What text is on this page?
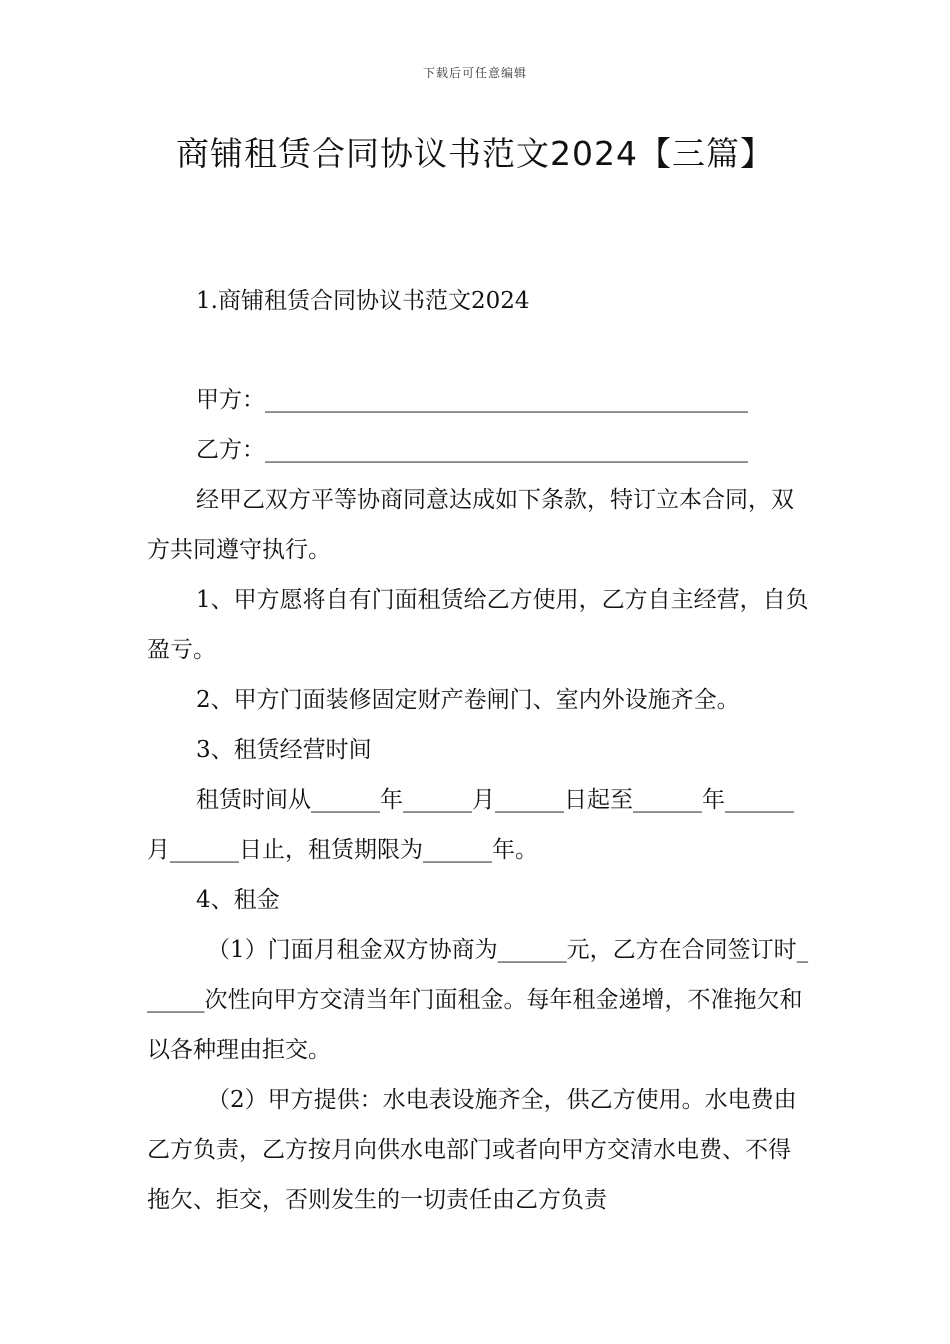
下载后可任意编辑
商铺租赁合同协议书范文2024【三篇】
1.商铺租赁合同协议书范文2024

甲方：__________________________________________

乙方：__________________________________________

经甲乙双方平等协商同意达成如下条款，特订立本合同，双方共同遵守执行。

1、甲方愿将自有门面租赁给乙方使用，乙方自主经营，自负盈亏。

2、甲方门面装修固定财产卷闸门、室内外设施齐全。

3、租赁经营时间

租赁时间从______年______月______日起至______年______月______日止，租赁期限为______年。

4、租金

（1）门面月租金双方协商为______元，乙方在合同签订时______次性向甲方交清当年门面租金。每年租金递增，不准拖欠和以各种理由拒交。

（2）甲方提供：水电表设施齐全，供乙方使用。水电费由乙方负责，乙方按月向供水电部门或者向甲方交清水电费、不得拖欠、拒交，否则发生的一切责任由乙方负责
